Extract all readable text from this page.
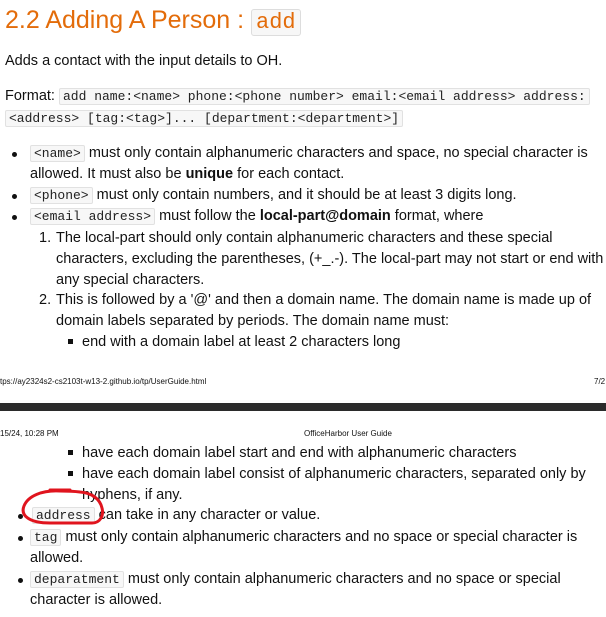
2.2 Adding A Person : add
Adds a contact with the input details to OH.
Format: add name:<name> phone:<phone number> email:<email address> address:
<address> [tag:<tag>]... [department:<department>]
<name> must only contain alphanumeric characters and space, no special character is
allowed. It must also be unique for each contact.
<phone> must only contain numbers, and it should be at least 3 digits long.
<email address> must follow the local-part@domain format, where
1. The local-part should only contain alphanumeric characters and these special
characters, excluding the parentheses, (+_.-). The local-part may not start or end with
any special characters.
2. This is followed by a '@' and then a domain name. The domain name is made up of
domain labels separated by periods. The domain name must:
end with a domain label at least 2 characters long
tps://ay2324s2-cs2103t-w13-2.github.io/tp/UserGuide.html	7/2
15/24, 10:28 PM	OfficeHarbor User Guide
have each domain label start and end with alphanumeric characters
have each domain label consist of alphanumeric characters, separated only by
hyphens, if any.
address can take in any character or value.
tag must only contain alphanumeric characters and no space or special character is
allowed.
deparatment must only contain alphanumeric characters and no space or special
character is allowed.
